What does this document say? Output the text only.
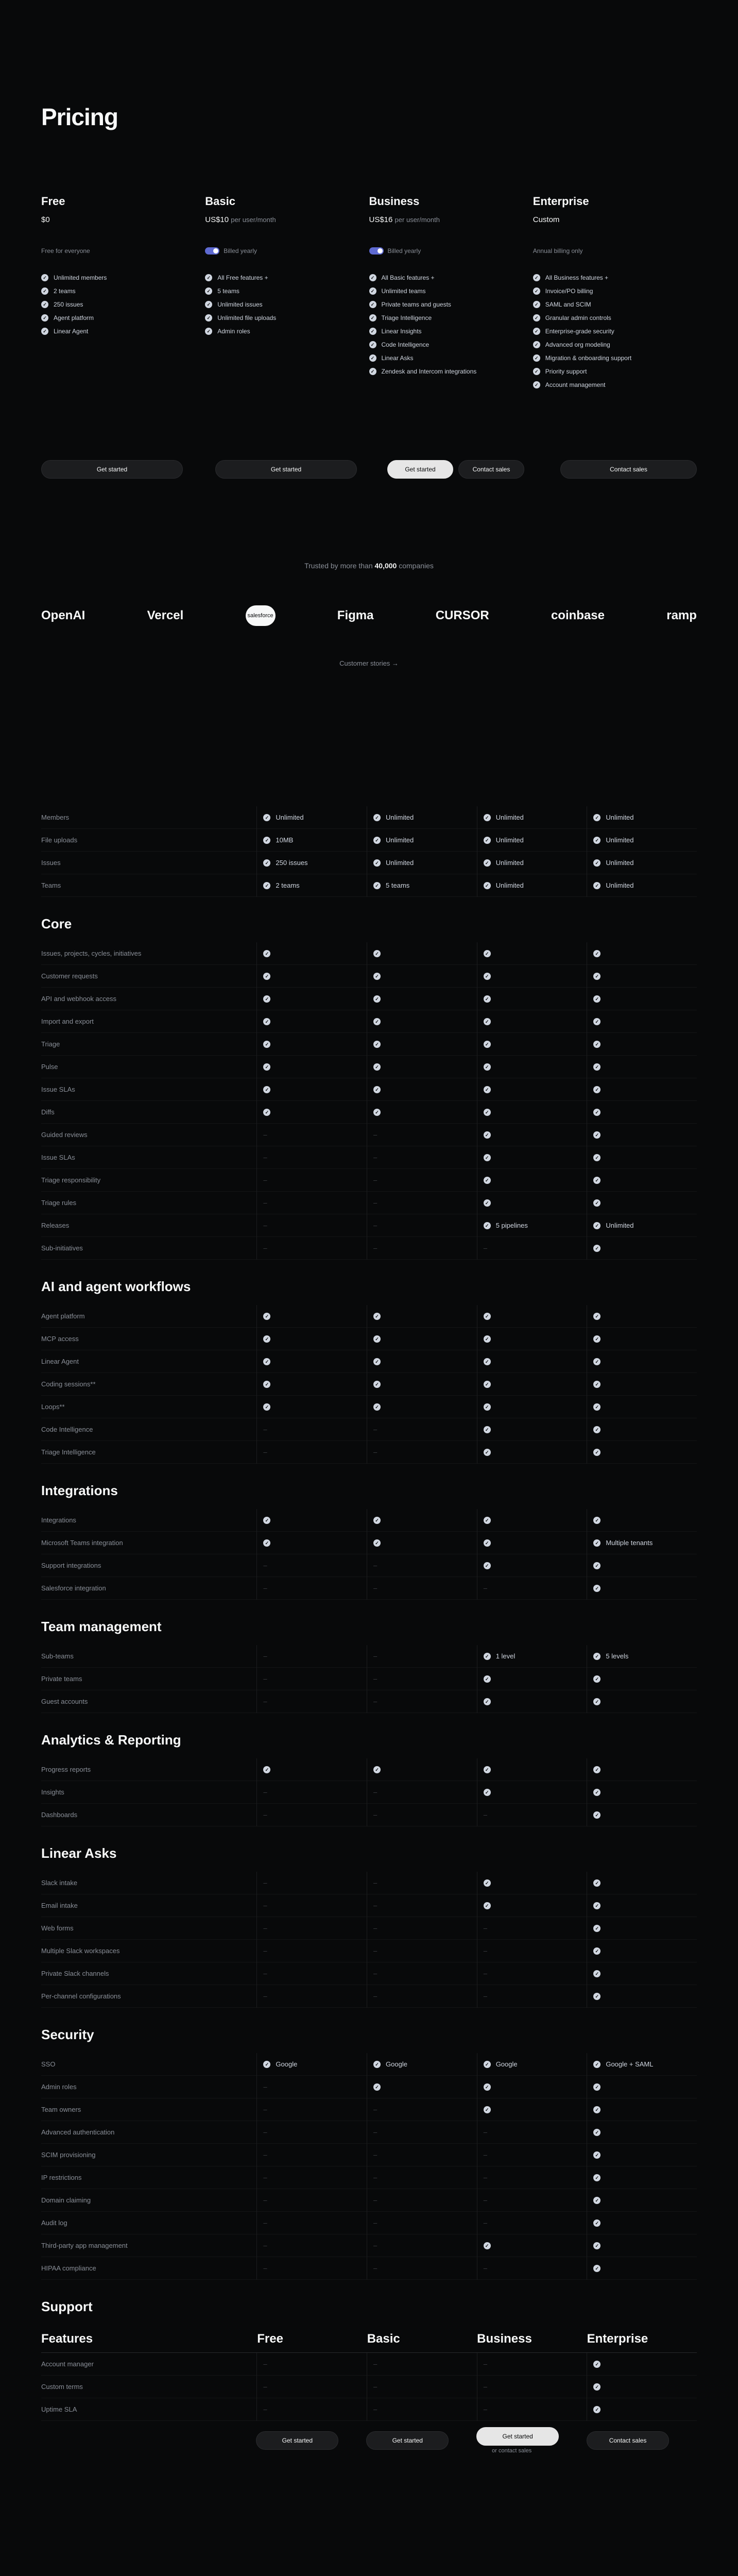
Pricing
Free
$0
Free for everyone
✓ Unlimited members
✓ 2 teams
✓ 250 issues
✓ Agent platform
✓ Linear Agent
Basic
US$10 per user/month
Billed yearly
✓ All Free features +
✓ 5 teams
✓ Unlimited issues
✓ Unlimited file uploads
✓ Admin roles
Business
US$16 per user/month
Billed yearly
✓ All Basic features +
✓ Unlimited teams
✓ Private teams and guests
✓ Triage Intelligence
✓ Linear Insights
✓ Code Intelligence
✓ Linear Asks
✓ Zendesk and Intercom integrations
Enterprise
Custom
Annual billing only
✓ All Business features +
✓ Invoice/PO billing
✓ SAML and SCIM
✓ Granular admin controls
✓ Enterprise-grade security
✓ Advanced org modeling
✓ Migration & onboarding support
✓ Priority support
✓ Account management
Get started	Get started	Get started	Contact sales	Contact sales
Trusted by more than 40,000 companies
OpenAI	Vercel	salesforce	Figma	CURSOR	coinbase	ramp
Customer stories →
Members	✓ Unlimited	✓ Unlimited	✓ Unlimited	✓ Unlimited
File uploads	✓ 10MB	✓ Unlimited	✓ Unlimited	✓ Unlimited
Issues	✓ 250 issues	✓ Unlimited	✓ Unlimited	✓ Unlimited
Teams	✓ 2 teams	✓ 5 teams	✓ Unlimited	✓ Unlimited
Core
Issues, projects, cycles, initiatives	✓	✓	✓	✓
Customer requests	✓	✓	✓	✓
API and webhook access	✓	✓	✓	✓
Import and export	✓	✓	✓	✓
Triage	✓	✓	✓	✓
Pulse	✓	✓	✓	✓
Issue SLAs	✓	✓	✓	✓
Diffs	✓	✓	✓	✓
Guided reviews	–	–	✓	✓
Issue SLAs	–	–	✓	✓
Triage responsibility	–	–	✓	✓
Triage rules	–	–	✓	✓
Releases	–	–	✓ 5 pipelines	✓ Unlimited
Sub-initiatives	–	–	–	✓
AI and agent workflows
Agent platform	✓	✓	✓	✓
MCP access	✓	✓	✓	✓
Linear Agent	✓	✓	✓	✓
Coding sessions**	✓	✓	✓	✓
Loops**	✓	✓	✓	✓
Code Intelligence	–	–	✓	✓
Triage Intelligence	–	–	✓	✓
Integrations
Integrations	✓	✓	✓	✓
Microsoft Teams integration	✓	✓	✓	✓ Multiple tenants
Support integrations	–	–	✓	✓
Salesforce integration	–	–	–	✓
Team management
Sub-teams	–	–	✓ 1 level	✓ 5 levels
Private teams	–	–	✓	✓
Guest accounts	–	–	✓	✓
Analytics & Reporting
Progress reports	✓	✓	✓	✓
Insights	–	–	✓	✓
Dashboards	–	–	–	✓
Linear Asks
Slack intake	–	–	✓	✓
Email intake	–	–	✓	✓
Web forms	–	–	–	✓
Multiple Slack workspaces	–	–	–	✓
Private Slack channels	–	–	–	✓
Per-channel configurations	–	–	–	✓
Security
SSO	✓ Google	✓ Google	✓ Google	✓ Google + SAML
Admin roles	–	✓	✓	✓
Team owners	–	–	✓	✓
Advanced authentication	–	–	–	✓
SCIM provisioning	–	–	–	✓
IP restrictions	–	–	–	✓
Domain claiming	–	–	–	✓
Audit log	–	–	–	✓
Third-party app management	–	–	✓	✓
HIPAA compliance	–	–	–	✓
Support
Features	Free	Basic	Business	Enterprise
Account manager	–	–	–	✓
Custom terms	–	–	–	✓
Uptime SLA	–	–	–	✓
Get started	Get started
Get started
or contact sales
Contact sales
